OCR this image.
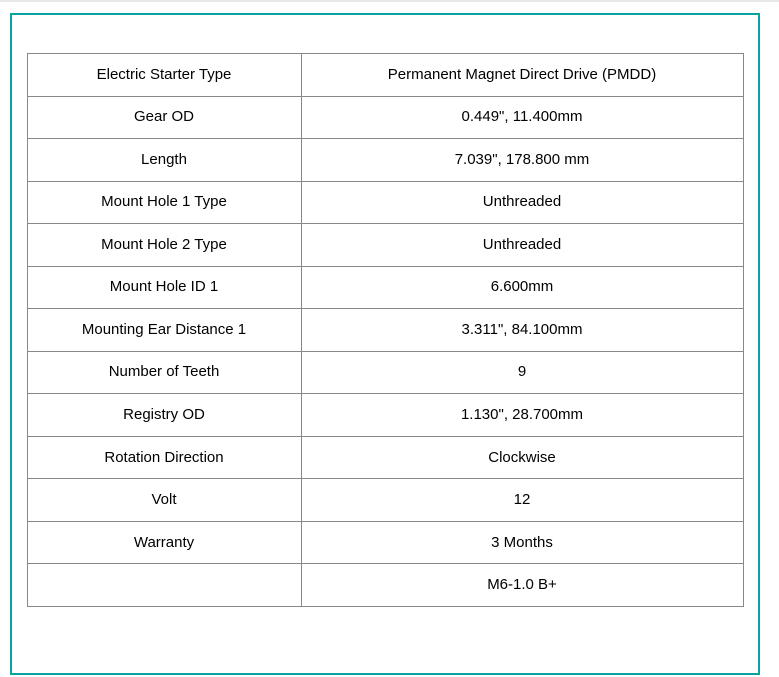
Electric Starter Type	Permanent Magnet Direct Drive (PMDD)
Gear OD	0.449", 11.400mm
Length	7.039", 178.800 mm
Mount Hole 1 Type	Unthreaded
Mount Hole 2 Type	Unthreaded
Mount Hole ID 1	6.600mm
Mounting Ear Distance 1	3.311", 84.100mm
Number of Teeth	9
Registry OD	1.130", 28.700mm
Rotation Direction	Clockwise
Volt	12
Warranty	3 Months
	M6-1.0 B+
